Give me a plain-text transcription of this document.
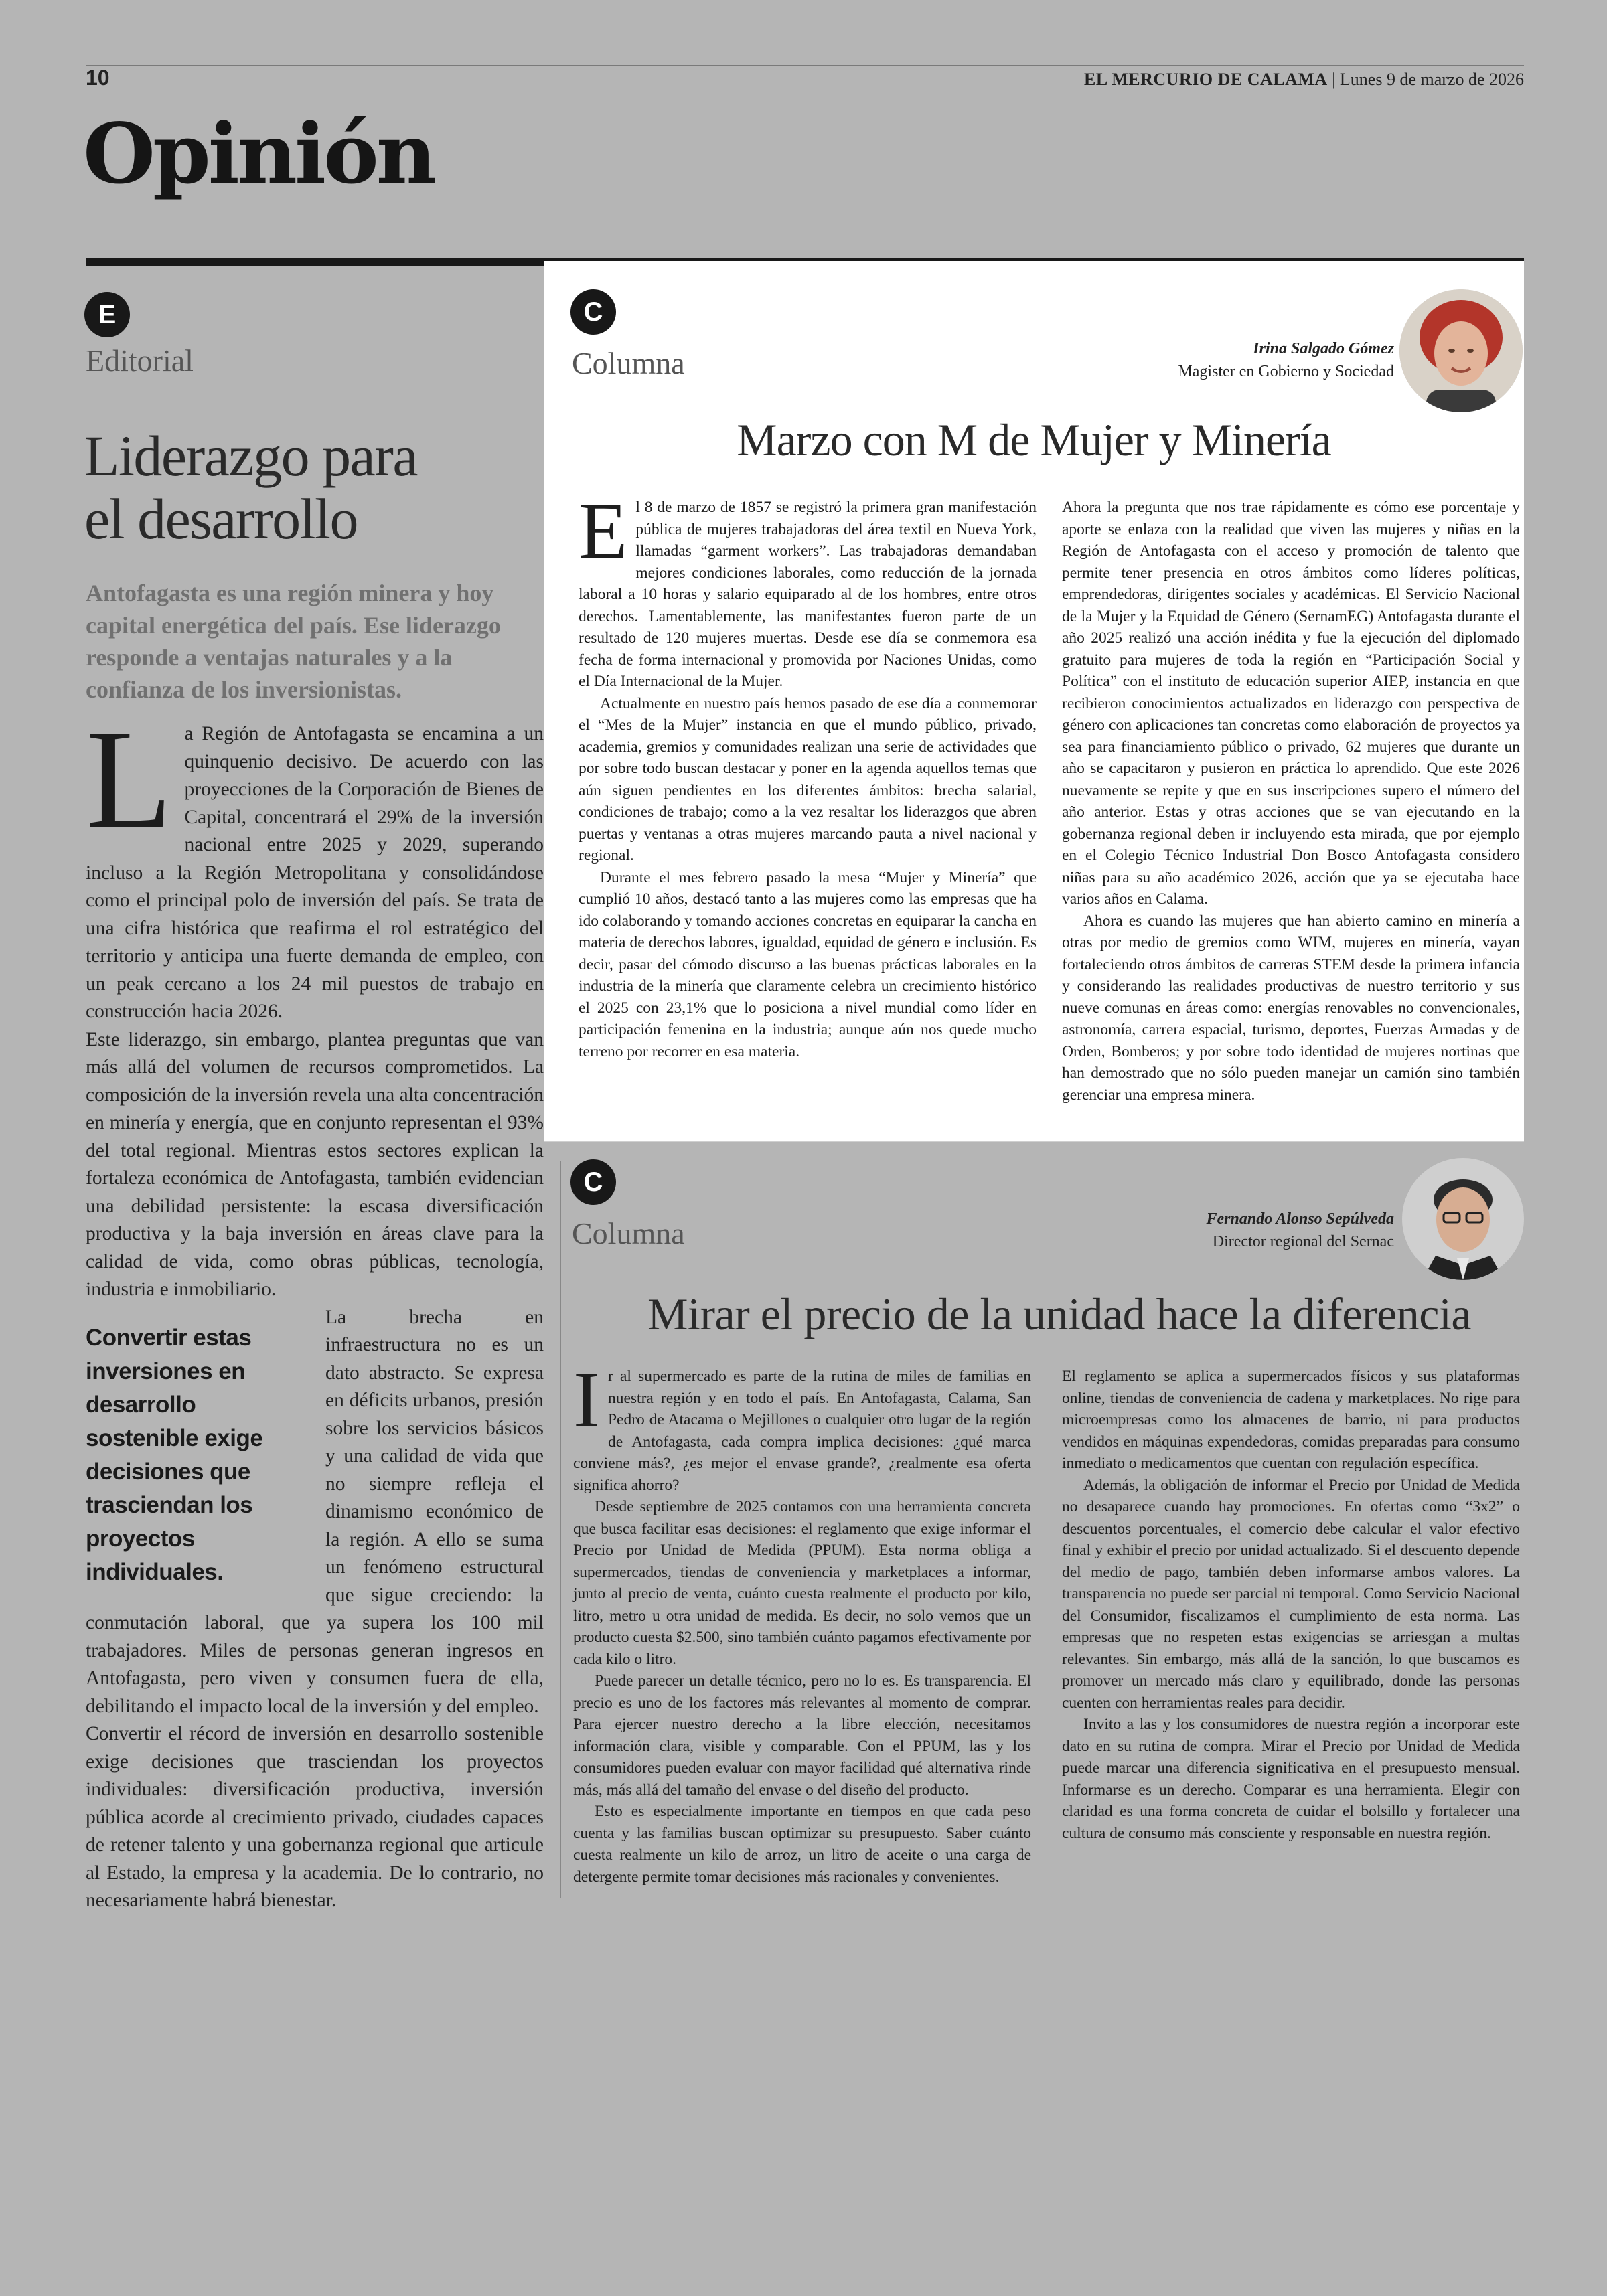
10	EL MERCURIO DE CALAMA | Lunes 9 de marzo de 2026
Opinión
E
Editorial
Liderazgo para
el desarrollo
Antofagasta es una región minera y hoy capital energética del país. Ese liderazgo responde a ventajas naturales y a la confianza de los inversionistas.
L a Región de Antofagasta se encamina a un quinquenio decisivo. De acuerdo con las proyecciones de la Corporación de Bienes de Capital, concentrará el 29% de la inversión nacional entre 2025 y 2029, superando incluso a la Región Metropolitana y consolidándose como el principal polo de inversión del país. Se trata de una cifra histórica que reafirma el rol estratégico del territorio y anticipa una fuerte demanda de empleo, con un peak cercano a los 24 mil puestos de trabajo en construcción hacia 2026.

Este liderazgo, sin embargo, plantea preguntas que van más allá del volumen de recursos comprometidos. La composición de la inversión revela una alta concentración en minería y energía, que en conjunto representan el 93% del total regional. Mientras estos sectores explican la fortaleza económica de Antofagasta, también evidencian una debilidad persistente: la escasa diversificación productiva y la baja inversión en áreas clave para la calidad de vida, como obras públicas, tecnología, industria e inmobiliario.

Convertir estas inversiones en desarrollo sostenible exige decisiones que trasciendan los proyectos individuales.

La brecha en infraestructura no es un dato abstracto. Se expresa en déficits urbanos, presión sobre los servicios básicos y una calidad de vida que no siempre refleja el dinamismo económico de la región. A ello se suma un fenómeno estructural que sigue creciendo: la conmutación laboral, que ya supera los 100 mil trabajadores. Miles de personas generan ingresos en Antofagasta, pero viven y consumen fuera de ella, debilitando el impacto local de la inversión y del empleo.

Convertir el récord de inversión en desarrollo sostenible exige decisiones que trasciendan los proyectos individuales: diversificación productiva, inversión pública acorde al crecimiento privado, ciudades capaces de retener talento y una gobernanza regional que articule al Estado, la empresa y la academia. De lo contrario, no necesariamente habrá bienestar.

C
Columna	Irina Salgado Gómez
Magister en Gobierno y Sociedad
Marzo con M de Mujer y Minería
E l 8 de marzo de 1857 se registró la primera gran manifestación pública de mujeres trabajadoras del área textil en Nueva York, llamadas “garment workers”. Las trabajadoras demandaban mejores condiciones laborales, como reducción de la jornada laboral a 10 horas y salario equiparado al de los hombres, entre otros derechos. Lamentablemente, las manifestantes fueron parte de un resultado de 120 mujeres muertas. Desde ese día se conmemora esa fecha de forma internacional y promovida por Naciones Unidas, como el Día Internacional de la Mujer.

Actualmente en nuestro país hemos pasado de ese día a conmemorar el “Mes de la Mujer” instancia en que el mundo público, privado, academia, gremios y comunidades realizan una serie de actividades que por sobre todo buscan destacar y poner en la agenda aquellos temas que aún siguen pendientes en los diferentes ámbitos: brecha salarial, condiciones de trabajo; como a la vez resaltar los liderazgos que abren puertas y ventanas a otras mujeres marcando pauta a nivel nacional y regional.

Durante el mes febrero pasado la mesa “Mujer y Minería” que cumplió 10 años, destacó tanto a las mujeres como las empresas que ha ido colaborando y tomando acciones concretas en equiparar la cancha en materia de derechos labores, igualdad, equidad de género e inclusión. Es decir, pasar del cómodo discurso a las buenas prácticas laborales en la industria de la minería que claramente celebra un crecimiento histórico el 2025 con 23,1% que lo posiciona a nivel mundial como líder en participación femenina en la industria; aunque aún nos quede mucho terreno por recorrer en esa materia.

Ahora la pregunta que nos trae rápidamente es cómo ese porcentaje y aporte se enlaza con la realidad que viven las mujeres y niñas en la Región de Antofagasta con el acceso y promoción de talento que permite tener presencia en otros ámbitos como líderes políticas, emprendedoras, dirigentes sociales y académicas. El Servicio Nacional de la Mujer y la Equidad de Género (SernamEG) Antofagasta durante el año 2025 realizó una acción inédita y fue la ejecución del diplomado gratuito para mujeres de toda la región en “Participación Social y Política” con el instituto de educación superior AIEP, instancia en que recibieron conocimientos actualizados en liderazgo con perspectiva de género con aplicaciones tan concretas como elaboración de proyectos ya sea para financiamiento público o privado, 62 mujeres que durante un año se capacitaron y pusieron en práctica lo aprendido. Que este 2026 nuevamente se repite y que en sus inscripciones supero el número del año anterior. Estas y otras acciones que se van ejecutando en la gobernanza regional deben ir incluyendo esta mirada, que por ejemplo en el Colegio Técnico Industrial Don Bosco Antofagasta considero niñas para su año académico 2026, acción que ya se ejecutaba hace varios años en Calama.

Ahora es cuando las mujeres que han abierto camino en minería a otras por medio de gremios como WIM, mujeres en minería, vayan fortaleciendo otros ámbitos de carreras STEM desde la primera infancia y considerando las realidades productivas de nuestro territorio y sus nueve comunas en áreas como: energías renovables no convencionales, astronomía, carrera espacial, turismo, deportes, Fuerzas Armadas y de Orden, Bomberos; y por sobre todo identidad de mujeres nortinas que han demostrado que no sólo pueden manejar un camión sino también gerenciar una empresa minera.

C
Columna	Fernando Alonso Sepúlveda
Director regional del Sernac
Mirar el precio de la unidad hace la diferencia
I r al supermercado es parte de la rutina de miles de familias en nuestra región y en todo el país. En Antofagasta, Calama, San Pedro de Atacama o Mejillones o cualquier otro lugar de la región de Antofagasta, cada compra implica decisiones: ¿qué marca conviene más?, ¿es mejor el envase grande?, ¿realmente esa oferta significa ahorro?

Desde septiembre de 2025 contamos con una herramienta concreta que busca facilitar esas decisiones: el reglamento que exige informar el Precio por Unidad de Medida (PPUM). Esta norma obliga a supermercados, tiendas de conveniencia y marketplaces a informar, junto al precio de venta, cuánto cuesta realmente el producto por kilo, litro, metro u otra unidad de medida. Es decir, no solo vemos que un producto cuesta $2.500, sino también cuánto pagamos efectivamente por cada kilo o litro.

Puede parecer un detalle técnico, pero no lo es. Es transparencia. El precio es uno de los factores más relevantes al momento de comprar. Para ejercer nuestro derecho a la libre elección, necesitamos información clara, visible y comparable. Con el PPUM, las y los consumidores pueden evaluar con mayor facilidad qué alternativa rinde más, más allá del tamaño del envase o del diseño del producto.

Esto es especialmente importante en tiempos en que cada peso cuenta y las familias buscan optimizar su presupuesto. Saber cuánto cuesta realmente un kilo de arroz, un litro de aceite o una carga de detergente permite tomar decisiones más racionales y convenientes.

El reglamento se aplica a supermercados físicos y sus plataformas online, tiendas de conveniencia de cadena y marketplaces. No rige para microempresas como los almacenes de barrio, ni para productos vendidos en máquinas expendedoras, comidas preparadas para consumo inmediato o medicamentos que cuentan con regulación específica.

Además, la obligación de informar el Precio por Unidad de Medida no desaparece cuando hay promociones. En ofertas como “3x2” o descuentos porcentuales, el comercio debe calcular el valor efectivo final y exhibir el precio por unidad actualizado. Si el descuento depende del medio de pago, también deben informarse ambos valores. La transparencia no puede ser parcial ni temporal. Como Servicio Nacional del Consumidor, fiscalizamos el cumplimiento de esta norma. Las empresas que no respeten estas exigencias se arriesgan a multas relevantes. Sin embargo, más allá de la sanción, lo que buscamos es promover un mercado más claro y equilibrado, donde las personas cuenten con herramientas reales para decidir.

Invito a las y los consumidores de nuestra región a incorporar este dato en su rutina de compra. Mirar el Precio por Unidad de Medida puede marcar una diferencia significativa en el presupuesto mensual. Informarse es un derecho. Comparar es una herramienta. Elegir con claridad es una forma concreta de cuidar el bolsillo y fortalecer una cultura de consumo más consciente y responsable en nuestra región.
